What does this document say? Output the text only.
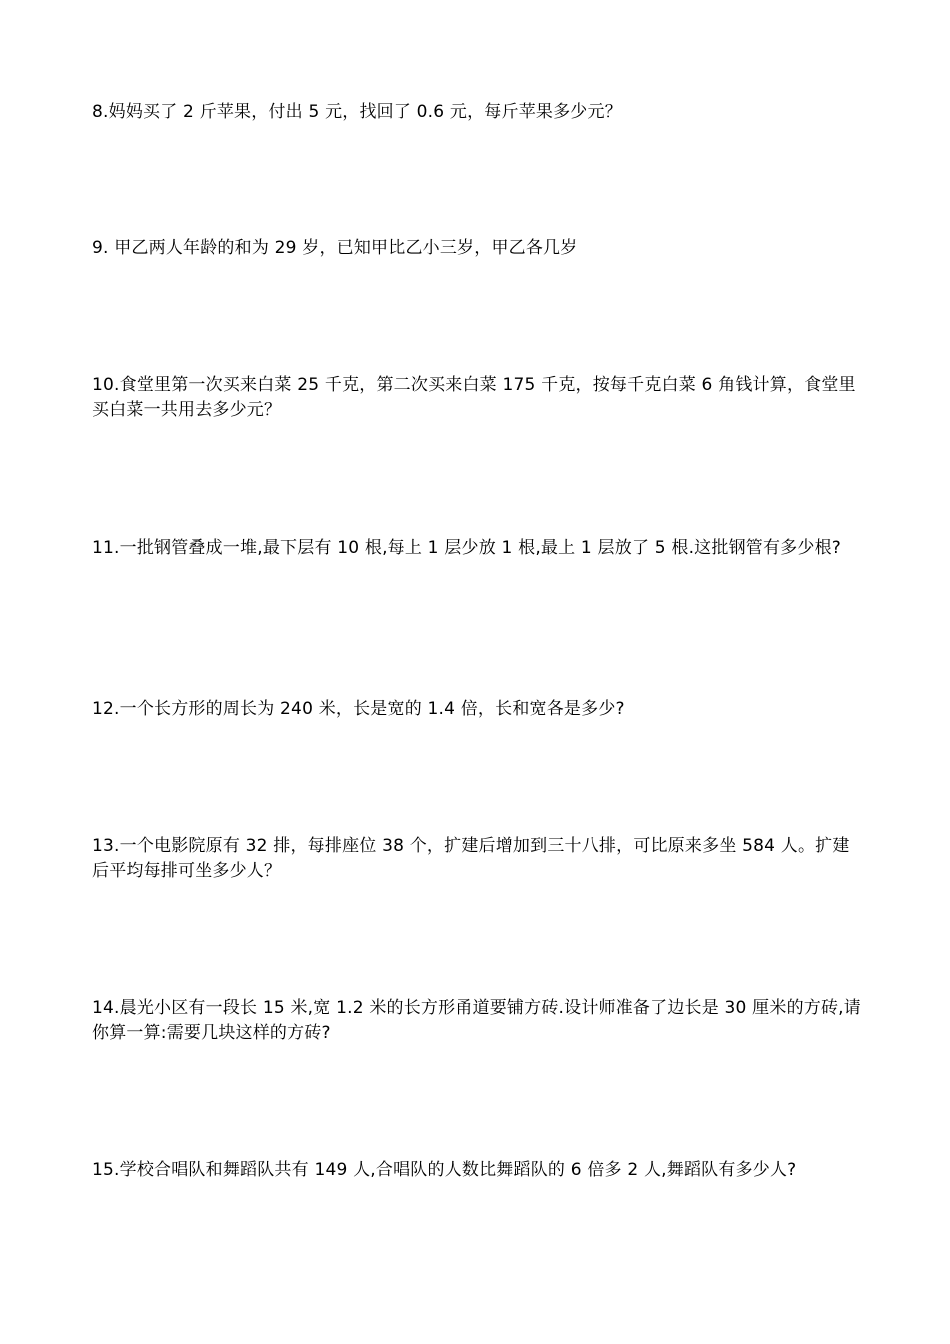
8.妈妈买了 2 斤苹果，付出 5 元，找回了 0.6 元，每斤苹果多少元？
9. 甲乙两人年龄的和为 29 岁，已知甲比乙小三岁，甲乙各几岁
10.食堂里第一次买来白菜 25 千克，第二次买来白菜 175 千克，按每千克白菜 6 角钱计算，食堂里买白菜一共用去多少元？
11.一批钢管叠成一堆,最下层有 10 根,每上 1 层少放 1 根,最上 1 层放了 5 根.这批钢管有多少根?
12.一个长方形的周长为 240 米，长是宽的 1.4 倍，长和宽各是多少?
13.一个电影院原有 32 排，每排座位 38 个，扩建后增加到三十八排，可比原来多坐 584 人。扩建后平均每排可坐多少人？
14.晨光小区有一段长 15 米,宽 1.2 米的长方形甬道要铺方砖.设计师准备了边长是 30 厘米的方砖,请你算一算:需要几块这样的方砖?
15.学校合唱队和舞蹈队共有 149 人,合唱队的人数比舞蹈队的 6 倍多 2 人,舞蹈队有多少人?
